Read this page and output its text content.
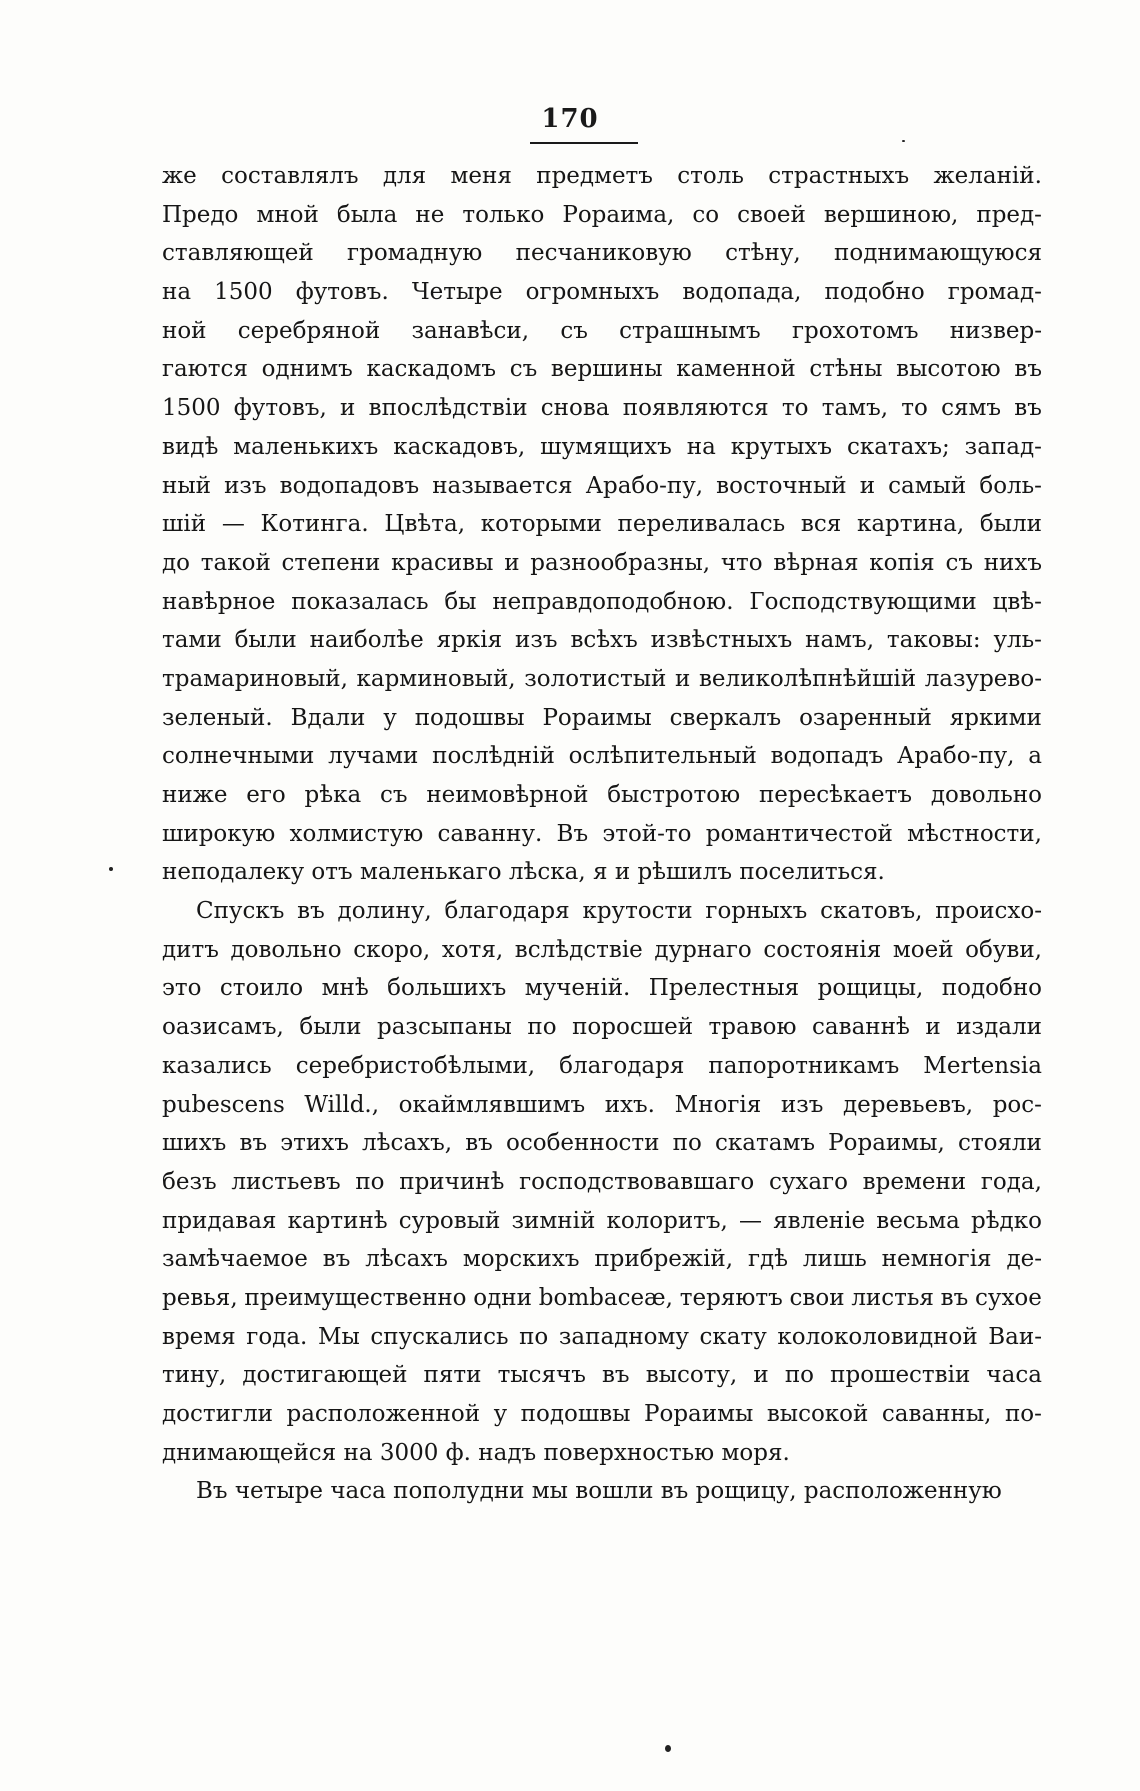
170
же составлялъ для меня предметъ столь страстныхъ желаній.
Предо мной была не только Рораима, со своей вершиною, пред-
ставляющей громадную песчаниковую стѣну, поднимающуюся
на 1500 футовъ. Четыре огромныхъ водопада, подобно громад-
ной серебряной занавѣси, съ страшнымъ грохотомъ низвер-
гаются однимъ каскадомъ съ вершины каменной стѣны высотою въ
1500 футовъ, и впослѣдствіи снова появляются то тамъ, то сямъ въ
видѣ маленькихъ каскадовъ, шумящихъ на крутыхъ скатахъ; запад-
ный изъ водопадовъ называется Арабо-пу, восточный и самый боль-
шій — Котинга. Цвѣта, которыми переливалась вся картина, были
до такой степени красивы и разнообразны, что вѣрная копія съ нихъ
навѣрное показалась бы неправдоподобною. Господствующими цвѣ-
тами были наиболѣе яркія изъ всѣхъ извѣстныхъ намъ, таковы: уль-
трамариновый, карминовый, золотистый и великолѣпнѣйшій лазурево-
зеленый. Вдали у подошвы Рораимы сверкалъ озаренный яркими
солнечными лучами послѣдній ослѣпительный водопадъ Арабо-пу, а
ниже его рѣка съ неимовѣрной быстротою пересѣкаетъ довольно
широкую холмистую саванну. Въ этой-то романтичестой мѣстности,
неподалеку отъ маленькаго лѣска, я и рѣшилъ поселиться.
Спускъ въ долину, благодаря крутости горныхъ скатовъ, происхо-
дитъ довольно скоро, хотя, вслѣдствіе дурнаго состоянія моей обуви,
это стоило мнѣ большихъ мученій. Прелестныя рощицы, подобно
оазисамъ, были разсыпаны по поросшей травою саваннѣ и издали
казались серебристобѣлыми, благодаря папоротникамъ Mertensia
pubescens Willd., окаймлявшимъ ихъ. Многія изъ деревьевъ, рос-
шихъ въ этихъ лѣсахъ, въ особенности по скатамъ Рораимы, стояли
безъ листьевъ по причинѣ господствовавшаго сухаго времени года,
придавая картинѣ суровый зимній колоритъ, — явленіе весьма рѣдко
замѣчаемое въ лѣсахъ морскихъ прибрежій, гдѣ лишь немногія де-
ревья, преимущественно одни bombaceæ, теряютъ свои листья въ сухое
время года. Мы спускались по западному скату колоколовидной Ваи-
тину, достигающей пяти тысячъ въ высоту, и по прошествіи часа
достигли расположенной у подошвы Рораимы высокой саванны, по-
днимающейся на 3000 ф. надъ поверхностью моря.
Въ четыре часа пополудни мы вошли въ рощицу, расположенную
